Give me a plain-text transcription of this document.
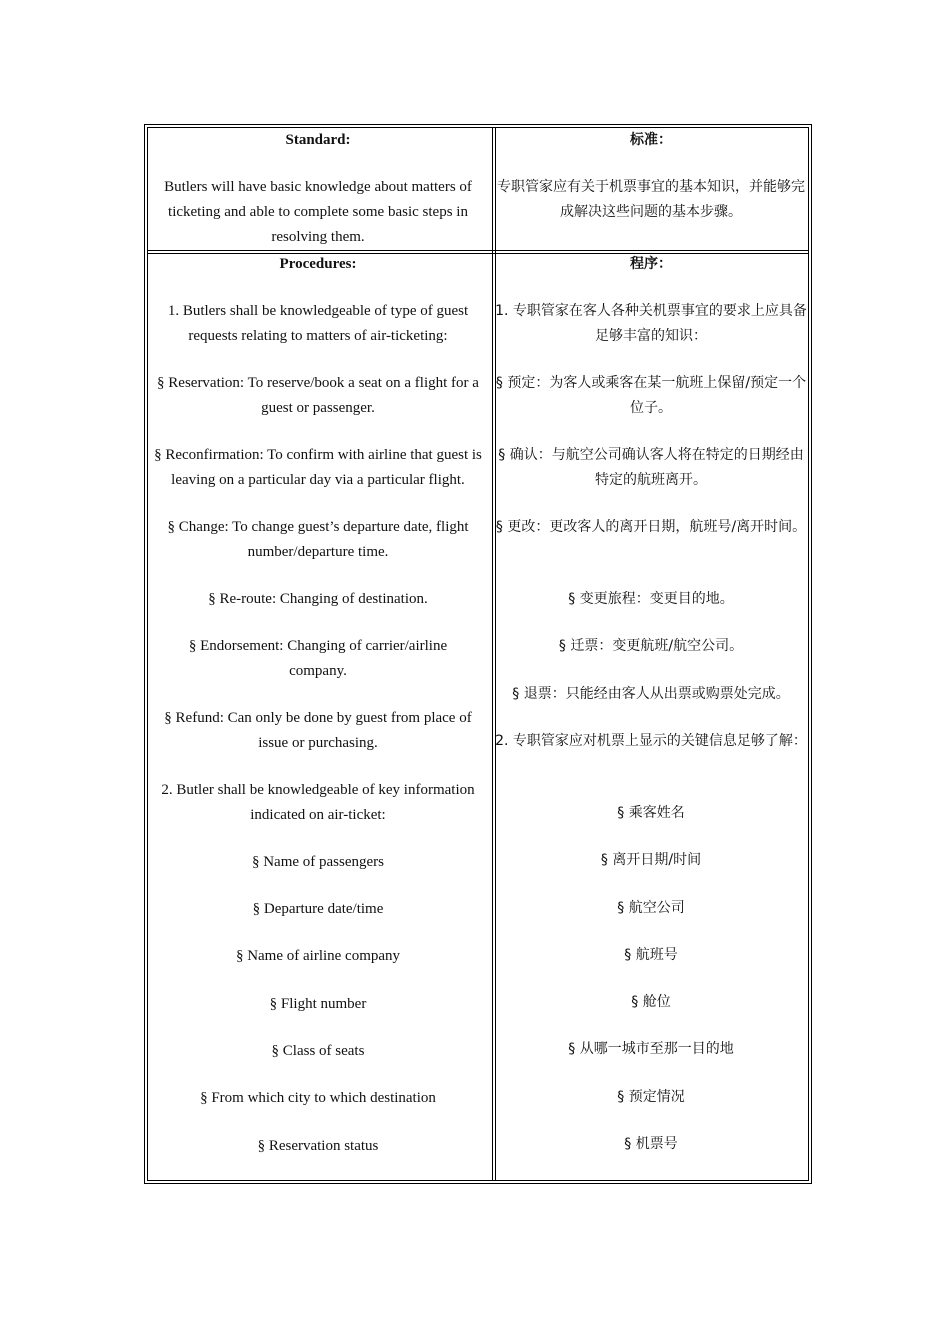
Standard:	标准：

Butlers will have basic knowledge about matters of ticketing and able to complete some basic steps in resolving them.

专职管家应有关于机票事宜的基本知识，并能够完成解决这些问题的基本步骤。

Procedures:	程序：

1. Butlers shall be knowledgeable of type of guest requests relating to matters of air-ticketing:

§ Reservation: To reserve/book a seat on a flight for a guest or passenger.

§ Reconfirmation: To confirm with airline that guest is leaving on a particular day via a particular flight.

§ Change: To change guest’s departure date, flight number/departure time.

§ Re-route: Changing of destination.

§ Endorsement: Changing of carrier/airline company.

§ Refund: Can only be done by guest from place of issue or purchasing.

2. Butler shall be knowledgeable of key information indicated on air-ticket:

§ Name of passengers

§ Departure date/time

§ Name of airline company

§ Flight number

§ Class of seats

§ From which city to which destination

§ Reservation status

1. 专职管家在客人各种关机票事宜的要求上应具备足够丰富的知识：

§ 预定：为客人或乘客在某一航班上保留/预定一个位子。

§ 确认：与航空公司确认客人将在特定的日期经由特定的航班离开。

§ 更改：更改客人的离开日期，航班号/离开时间。

§ 变更旅程：变更目的地。

§ 迁票：变更航班/航空公司。

§ 退票：只能经由客人从出票或购票处完成。

2. 专职管家应对机票上显示的关键信息足够了解：

§ 乘客姓名

§ 离开日期/时间

§ 航空公司

§ 航班号

§ 舱位

§ 从哪一城市至那一目的地

§ 预定情况

§ 机票号
